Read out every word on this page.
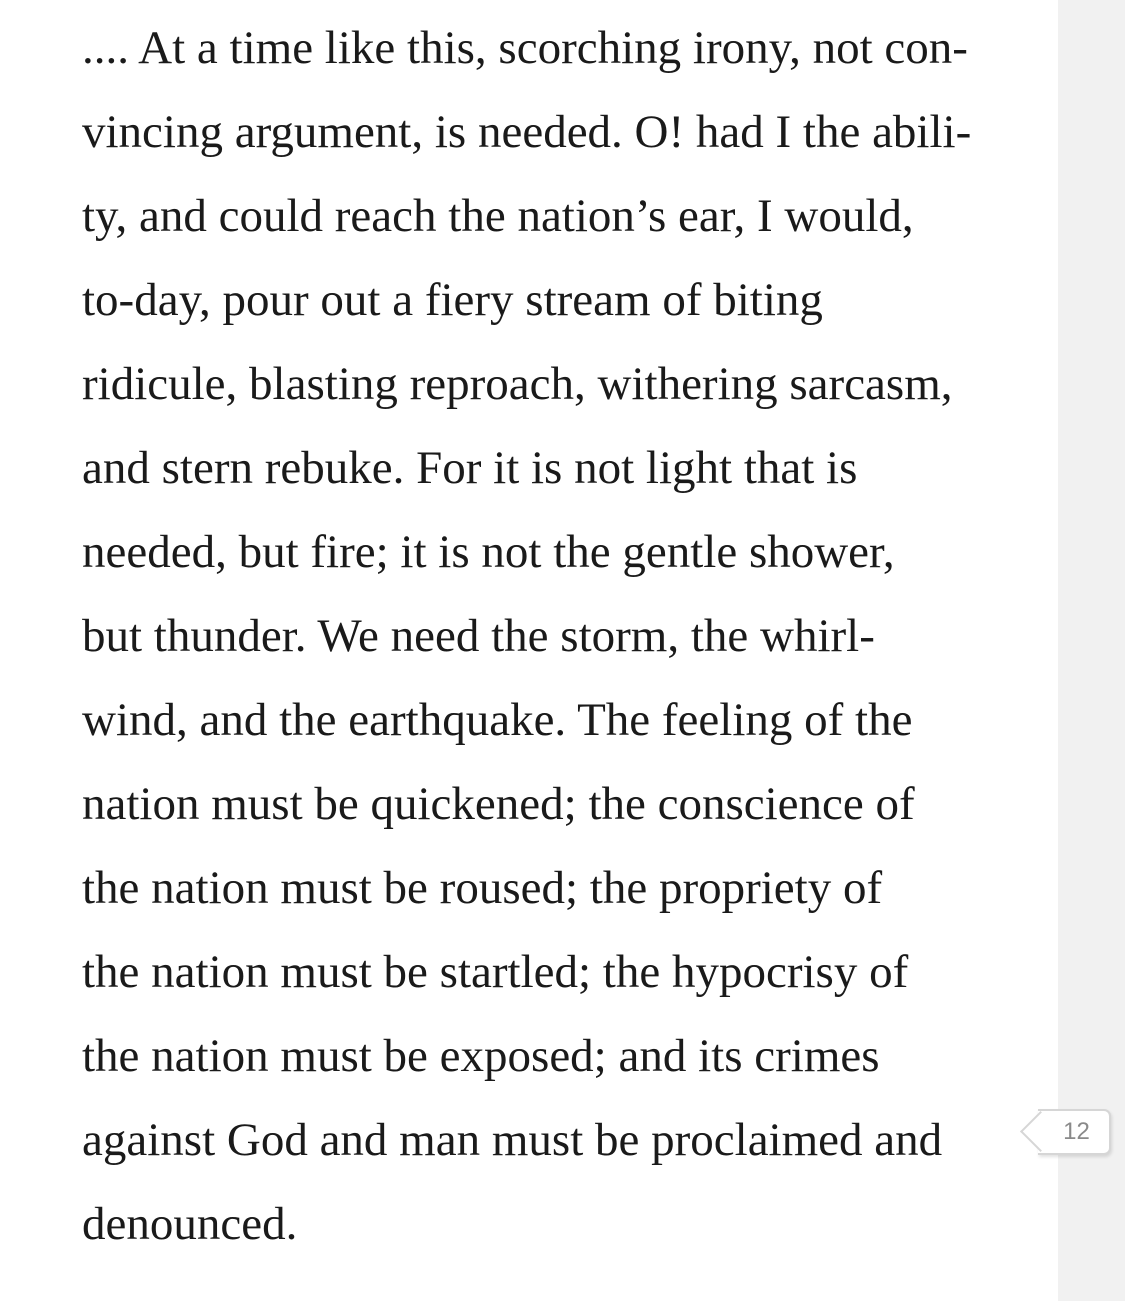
.... At a time like this, scorching irony, not con-

vincing argument, is needed. O! had I the abili-

ty, and could reach the nation’s ear, I would,

to-day, pour out a fiery stream of biting

ridicule, blasting reproach, withering sarcasm,

and stern rebuke. For it is not light that is

needed, but fire; it is not the gentle shower,

but thunder. We need the storm, the whirl-

wind, and the earthquake. The feeling of the

nation must be quickened; the conscience of

the nation must be roused; the propriety of

the nation must be startled; the hypocrisy of

the nation must be exposed; and its crimes

against God and man must be proclaimed and

denounced.

12
